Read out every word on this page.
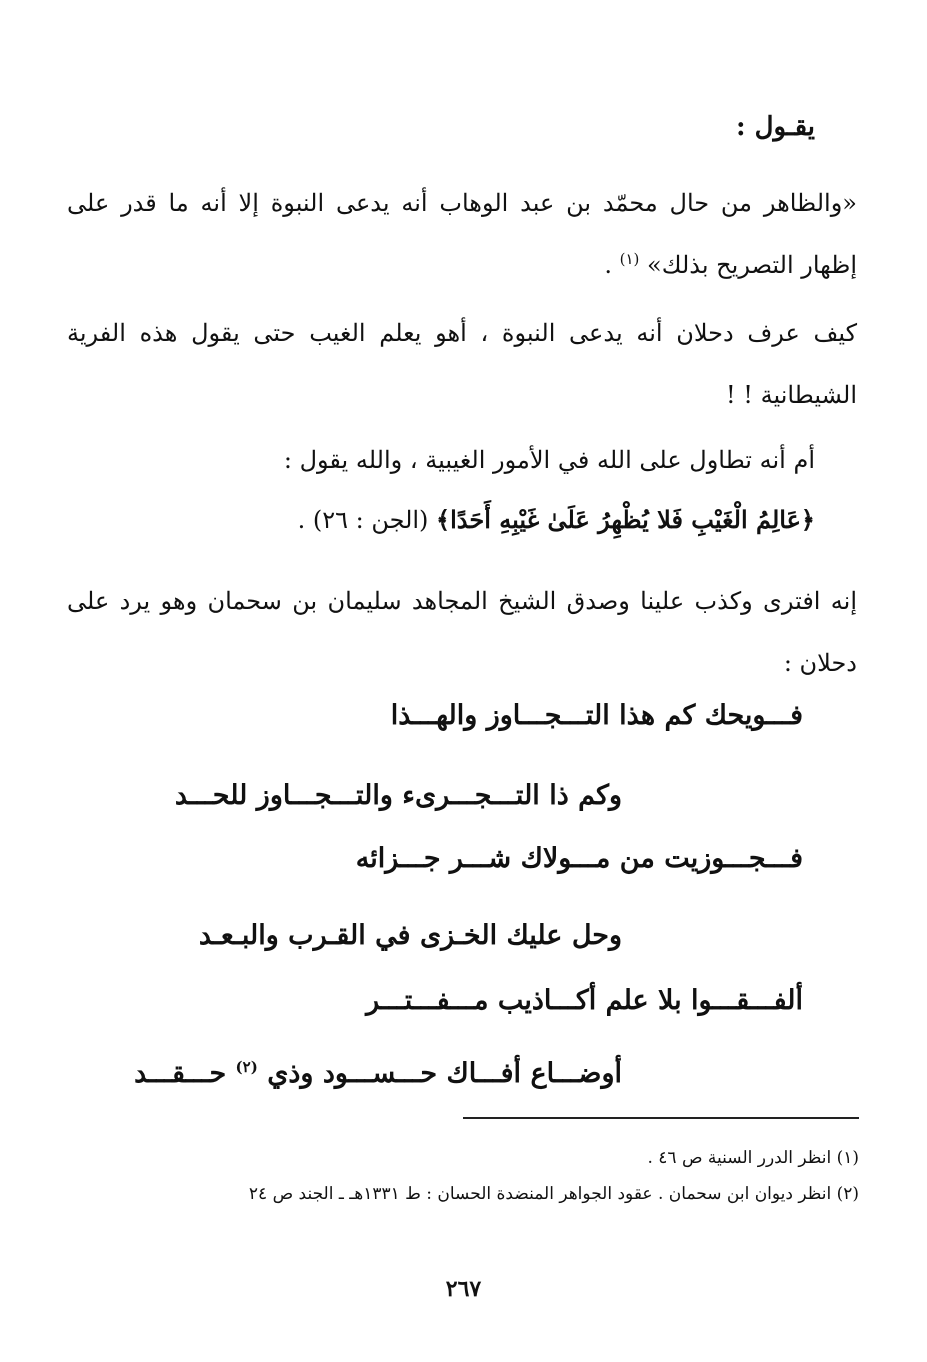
يقـول :

«والظاهر من حال محمّد بن عبد الوهاب أنه يدعى النبوة إلا أنه ما قدر على إظهار التصريح بذلك» $^{(١)}$ .

كيف عرف دحلان أنه يدعى النبوة ، أهو يعلم الغيب حتى يقول هذه الفرية الشيطانية ! !

أم أنه تطاول على الله في الأمور الغيبية ، والله يقول :
﴿عَالِمُ الْغَيْبِ فَلا يُظْهِرُ عَلَىٰ غَيْبِهِ أَحَدًا﴾ (الجن : ٢٦) .

إنه افترى وكذب علينا وصدق الشيخ المجاهد سليمان بن سحمان وهو يرد على دحلان :

فـــويحك كم هذا التـــجـــاوز والهـــذا
وكم ذا التـــجـــرىء والتـــجـــاوز للحـــد
فـــجـــوزيت من مـــولاك شـــر جـــزائه
وحل عليك الخـزى في القـرب والبـعـد
ألفـــقـــوا بلا علم أكـــاذيب مـــفـــتـــر
أوضـــاع أفـــاك حـــســـود وذي $^{(٢)}$ حـــقـــد

(١) انظر الدرر السنية ص ٤٦ .

(٢) انظر ديوان ابن سحمان . عقود الجواهر المنضدة الحسان : ط ١٣٣١هـ ـ الجند ص ٢٤

٢٦٧
